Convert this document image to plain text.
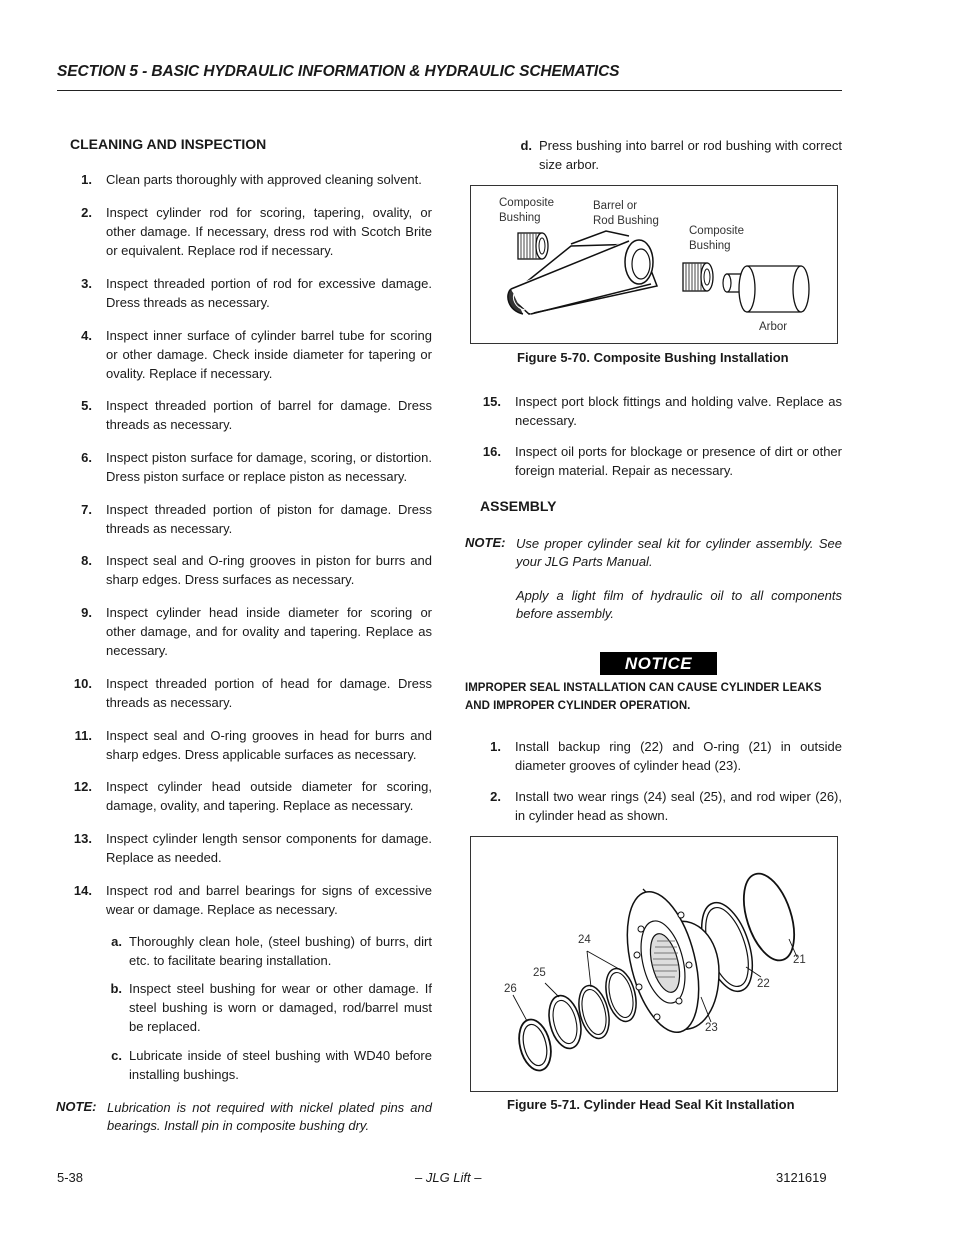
SECTION 5 - BASIC HYDRAULIC INFORMATION & HYDRAULIC SCHEMATICS
CLEANING AND INSPECTION
1. Clean parts thoroughly with approved cleaning solvent.
2. Inspect cylinder rod for scoring, tapering, ovality, or other damage. If necessary, dress rod with Scotch Brite or equivalent. Replace rod if necessary.
3. Inspect threaded portion of rod for excessive damage. Dress threads as necessary.
4. Inspect inner surface of cylinder barrel tube for scoring or other damage. Check inside diameter for tapering or ovality. Replace if necessary.
5. Inspect threaded portion of barrel for damage. Dress threads as necessary.
6. Inspect piston surface for damage, scoring, or distortion. Dress piston surface or replace piston as necessary.
7. Inspect threaded portion of piston for damage. Dress threads as necessary.
8. Inspect seal and O-ring grooves in piston for burrs and sharp edges. Dress surfaces as necessary.
9. Inspect cylinder head inside diameter for scoring or other damage, and for ovality and tapering. Replace as necessary.
10. Inspect threaded portion of head for damage. Dress threads as necessary.
11. Inspect seal and O-ring grooves in head for burrs and sharp edges. Dress applicable surfaces as necessary.
12. Inspect cylinder head outside diameter for scoring, damage, ovality, and tapering. Replace as necessary.
13. Inspect cylinder length sensor components for damage. Replace as needed.
14. Inspect rod and barrel bearings for signs of excessive wear or damage. Replace as necessary.
a. Thoroughly clean hole, (steel bushing) of burrs, dirt etc. to facilitate bearing installation.
b. Inspect steel bushing for wear or other damage. If steel bushing is worn or damaged, rod/barrel must be replaced.
c. Lubricate inside of steel bushing with WD40 before installing bushings.
NOTE: Lubrication is not required with nickel plated pins and bearings. Install pin in composite bushing dry.
d. Press bushing into barrel or rod bushing with correct size arbor.
Composite
Bushing
Barrel or
Rod Bushing
Composite
Bushing
Arbor
Figure 5-70. Composite Bushing Installation
15. Inspect port block fittings and holding valve. Replace as necessary.
16. Inspect oil ports for blockage or presence of dirt or other foreign material. Repair as necessary.
ASSEMBLY
NOTE: Use proper cylinder seal kit for cylinder assembly. See your JLG Parts Manual.
Apply a light film of hydraulic oil to all components before assembly.
NOTICE
IMPROPER SEAL INSTALLATION CAN CAUSE CYLINDER LEAKS AND IMPROPER CYLINDER OPERATION.
1. Install backup ring (22) and O-ring (21) in outside diameter grooves of cylinder head (23).
2. Install two wear rings (24) seal (25), and rod wiper (26), in cylinder head as shown.
24
25
26
23
22
21
Figure 5-71. Cylinder Head Seal Kit Installation
5-38	– JLG Lift –	3121619
